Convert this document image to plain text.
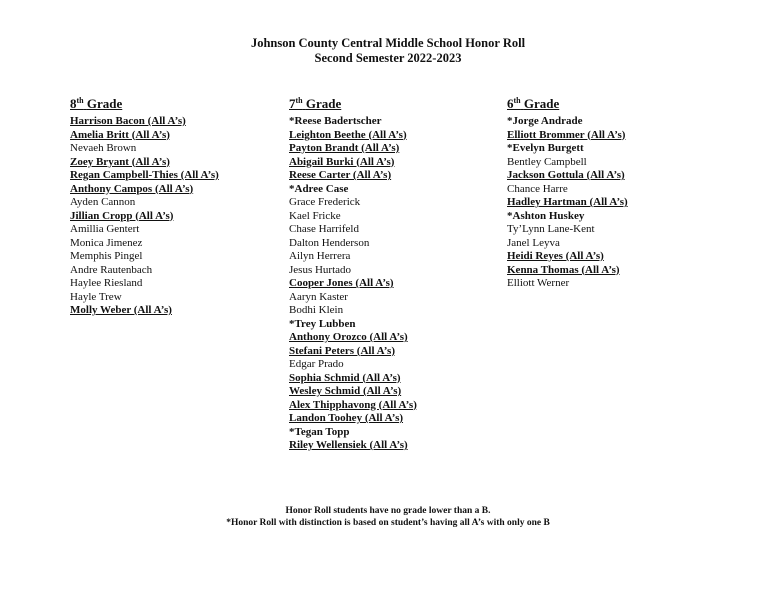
Johnson County Central Middle School Honor Roll
Second Semester 2022-2023
8th Grade
Harrison Bacon (All A’s)
Amelia Britt (All A’s)
Nevaeh Brown
Zoey Bryant (All A’s)
Regan Campbell-Thies (All A’s)
Anthony Campos (All A’s)
Ayden Cannon
Jillian Cropp (All A’s)
Amillia Gentert
Monica Jimenez
Memphis Pingel
Andre Rautenbach
Haylee Riesland
Hayle Trew
Molly Weber (All A’s)
7th Grade
*Reese Badertscher
Leighton Beethe (All A’s)
Payton Brandt (All A’s)
Abigail Burki (All A’s)
Reese Carter (All A’s)
*Adree Case
Grace Frederick
Kael Fricke
Chase Harrifeld
Dalton Henderson
Ailyn Herrera
Jesus Hurtado
Cooper Jones (All A’s)
Aaryn Kaster
Bodhi Klein
*Trey Lubben
Anthony Orozco (All A’s)
Stefani Peters (All A’s)
Edgar Prado
Sophia Schmid (All A’s)
Wesley Schmid (All A’s)
Alex Thipphavong (All A’s)
Landon Toohey (All A’s)
*Tegan Topp
Riley Wellensiek (All A’s)
6th Grade
*Jorge Andrade
Elliott Brommer (All A’s)
*Evelyn Burgett
Bentley Campbell
Jackson Gottula (All A’s)
Chance Harre
Hadley Hartman (All A’s)
*Ashton Huskey
Ty’Lynn Lane-Kent
Janel Leyva
Heidi Reyes (All A’s)
Kenna Thomas (All A’s)
Elliott Werner
Honor Roll students have no grade lower than a B.
*Honor Roll with distinction is based on student’s having all A’s with only one B
